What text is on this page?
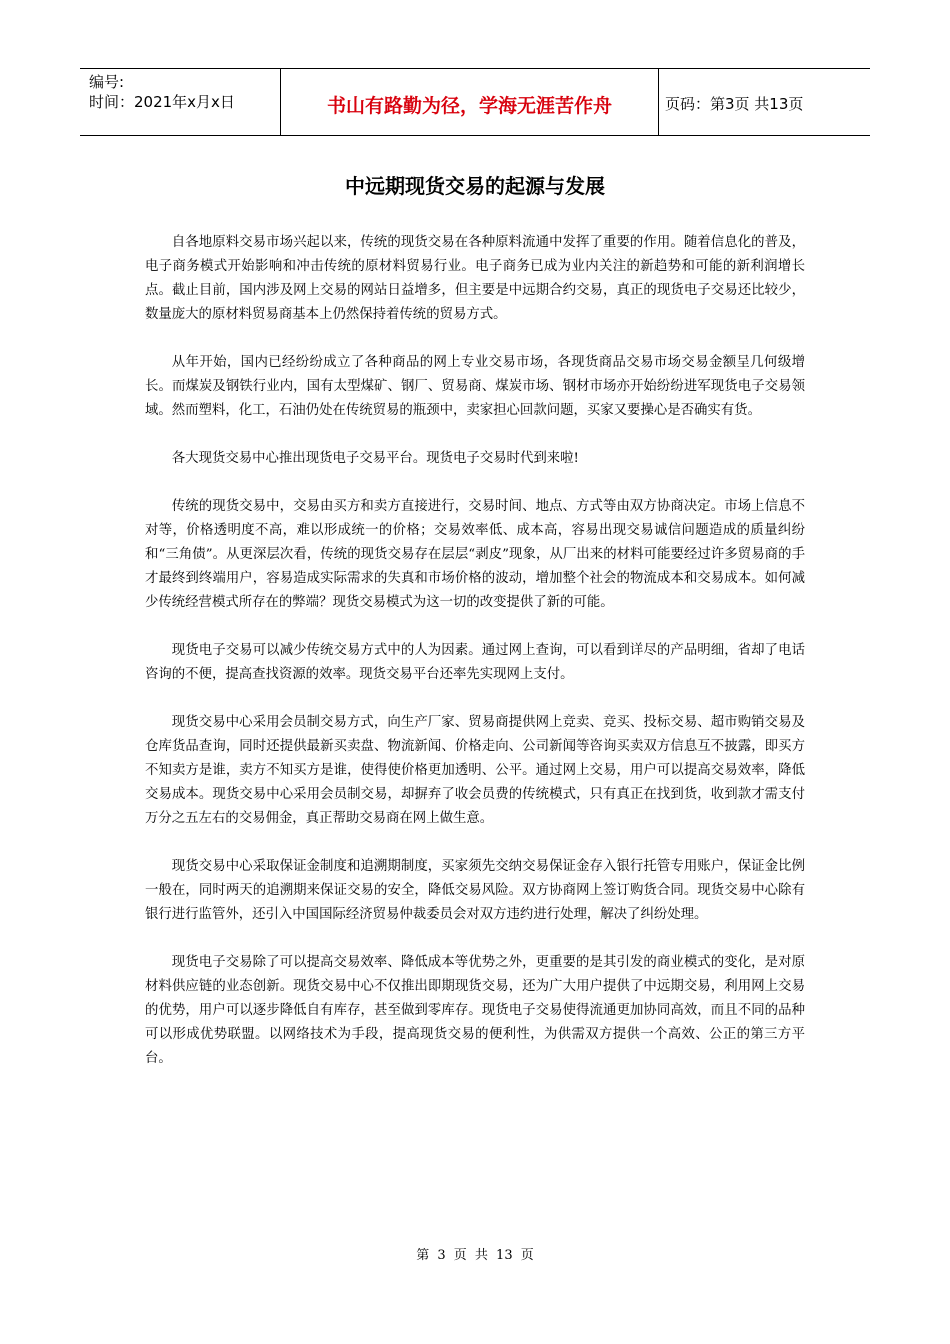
编号:
时间：2021年x月x日	书山有路勤为径，学海无涯苦作舟	页码：第3页 共13页
中远期现货交易的起源与发展

自各地原料交易市场兴起以来，传统的现货交易在各种原料流通中发挥了重要的作用。随着信息化的普及，电子商务模式开始影响和冲击传统的原材料贸易行业。电子商务已成为业内关注的新趋势和可能的新利润增长点。截止目前，国内涉及网上交易的网站日益增多，但主要是中远期合约交易，真正的现货电子交易还比较少，数量庞大的原材料贸易商基本上仍然保持着传统的贸易方式。

从年开始，国内已经纷纷成立了各种商品的网上专业交易市场，各现货商品交易市场交易金额呈几何级增长。而煤炭及钢铁行业内，国有太型煤矿、钢厂、贸易商、煤炭市场、钢材市场亦开始纷纷进军现货电子交易领域。然而塑料，化工，石油仍处在传统贸易的瓶颈中，卖家担心回款问题，买家又要操心是否确实有货。

各大现货交易中心推出现货电子交易平台。现货电子交易时代到来啦!

传统的现货交易中，交易由买方和卖方直接进行，交易时间、地点、方式等由双方协商决定。市场上信息不对等，价格透明度不高，难以形成统一的价格；交易效率低、成本高，容易出现交易诚信问题造成的质量纠纷和“三角债”。从更深层次看，传统的现货交易存在层层“剥皮”现象，从厂出来的材料可能要经过许多贸易商的手才最终到终端用户，容易造成实际需求的失真和市场价格的波动，增加整个社会的物流成本和交易成本。如何减少传统经营模式所存在的弊端？现货交易模式为这一切的改变提供了新的可能。

现货电子交易可以减少传统交易方式中的人为因素。通过网上查询，可以看到详尽的产品明细，省却了电话咨询的不便，提高查找资源的效率。现货交易平台还率先实现网上支付。

现货交易中心采用会员制交易方式，向生产厂家、贸易商提供网上竞卖、竞买、投标交易、超市购销交易及仓库货品查询，同时还提供最新买卖盘、物流新闻、价格走向、公司新闻等咨询买卖双方信息互不披露，即买方不知卖方是谁，卖方不知买方是谁，使得使价格更加透明、公平。通过网上交易，用户可以提高交易效率，降低交易成本。现货交易中心采用会员制交易，却摒弃了收会员费的传统模式，只有真正在找到货，收到款才需支付万分之五左右的交易佣金，真正帮助交易商在网上做生意。

现货交易中心采取保证金制度和追溯期制度，买家须先交纳交易保证金存入银行托管专用账户，保证金比例一般在，同时两天的追溯期来保证交易的安全，降低交易风险。双方协商网上签订购货合同。现货交易中心除有银行进行监管外，还引入中国国际经济贸易仲裁委员会对双方违约进行处理，解决了纠纷处理。

现货电子交易除了可以提高交易效率、降低成本等优势之外，更重要的是其引发的商业模式的变化，是对原材料供应链的业态创新。现货交易中心不仅推出即期现货交易，还为广大用户提供了中远期交易，利用网上交易的优势，用户可以逐步降低自有库存，甚至做到零库存。现货电子交易使得流通更加协同高效，而且不同的品种可以形成优势联盟。以网络技术为手段，提高现货交易的便利性，为供需双方提供一个高效、公正的第三方平台。

第 3 页 共 13 页
